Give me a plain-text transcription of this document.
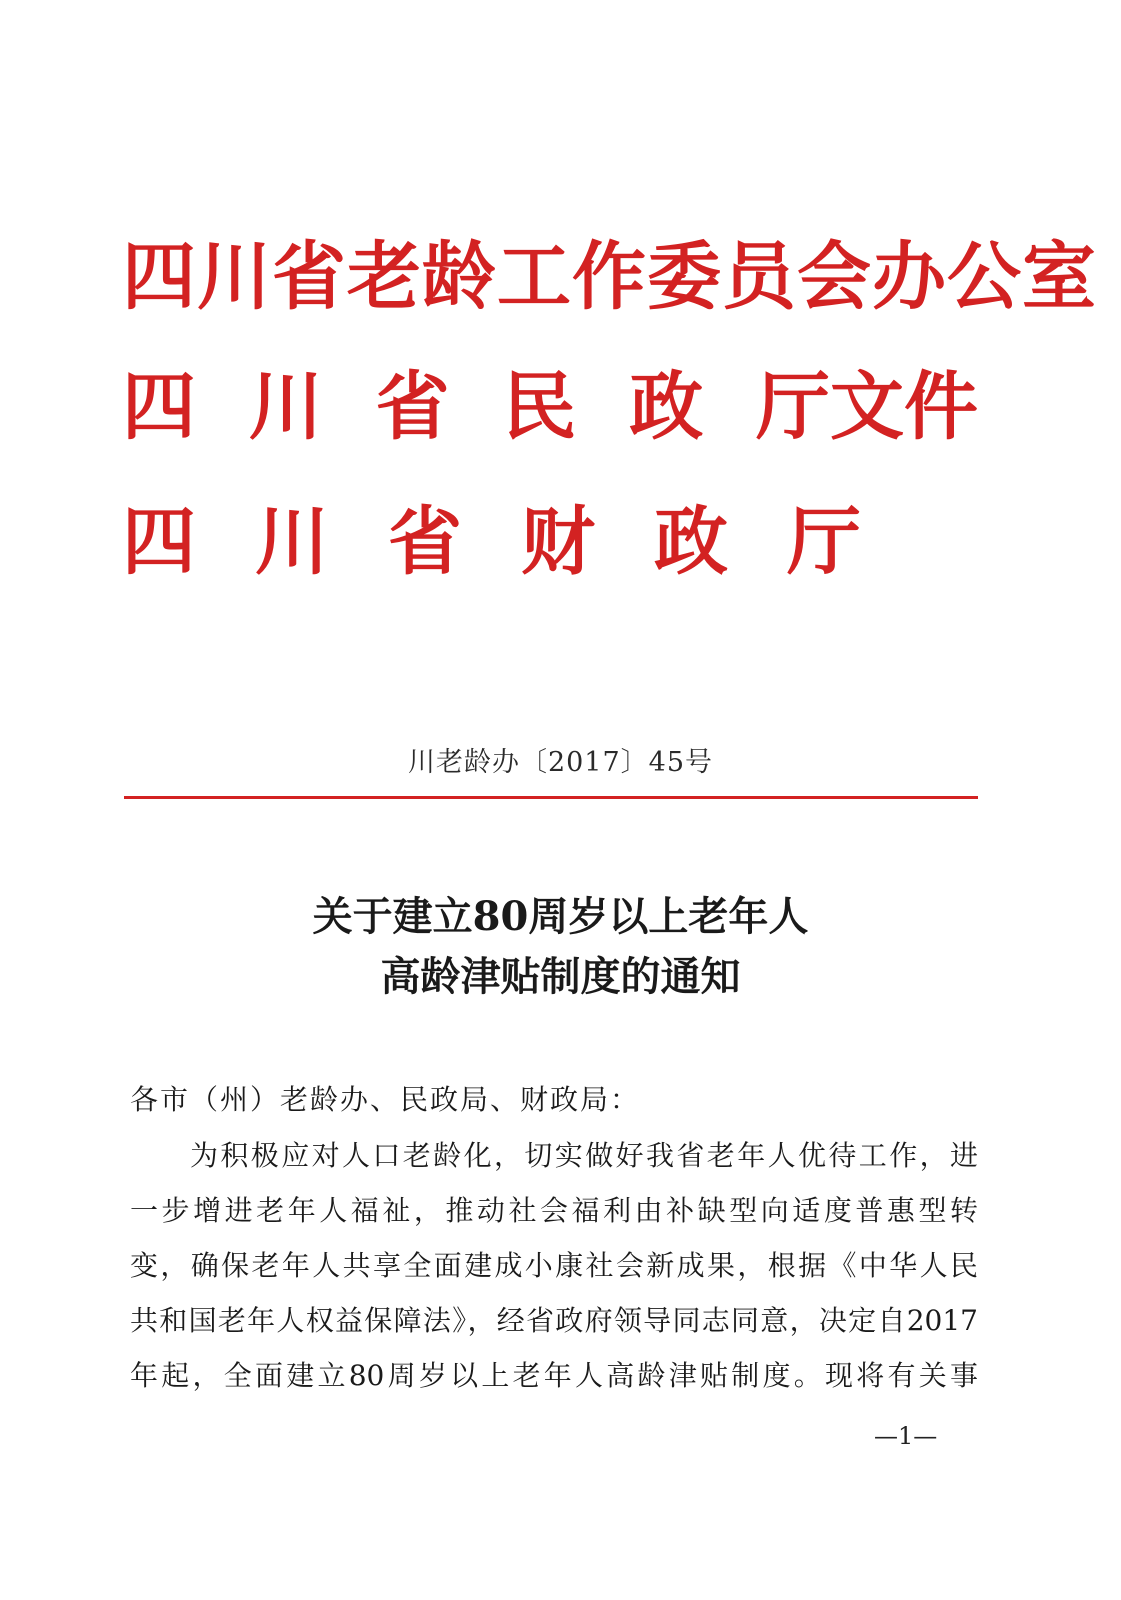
四川省老龄工作委员会办公室
四 川 省 民 政 厅文件
四 川 省 财 政 厅
川老龄办〔2017〕45号
关于建立80周岁以上老年人
高龄津贴制度的通知
各市（州）老龄办、民政局、财政局：
为积极应对人口老龄化，切实做好我省老年人优待工作，进
一步增进老年人福祉，推动社会福利由补缺型向适度普惠型转
变，确保老年人共享全面建成小康社会新成果，根据《中华人民
共和国老年人权益保障法》，经省政府领导同志同意，决定自2017
年起，全面建立80周岁以上老年人高龄津贴制度。现将有关事
—1—
